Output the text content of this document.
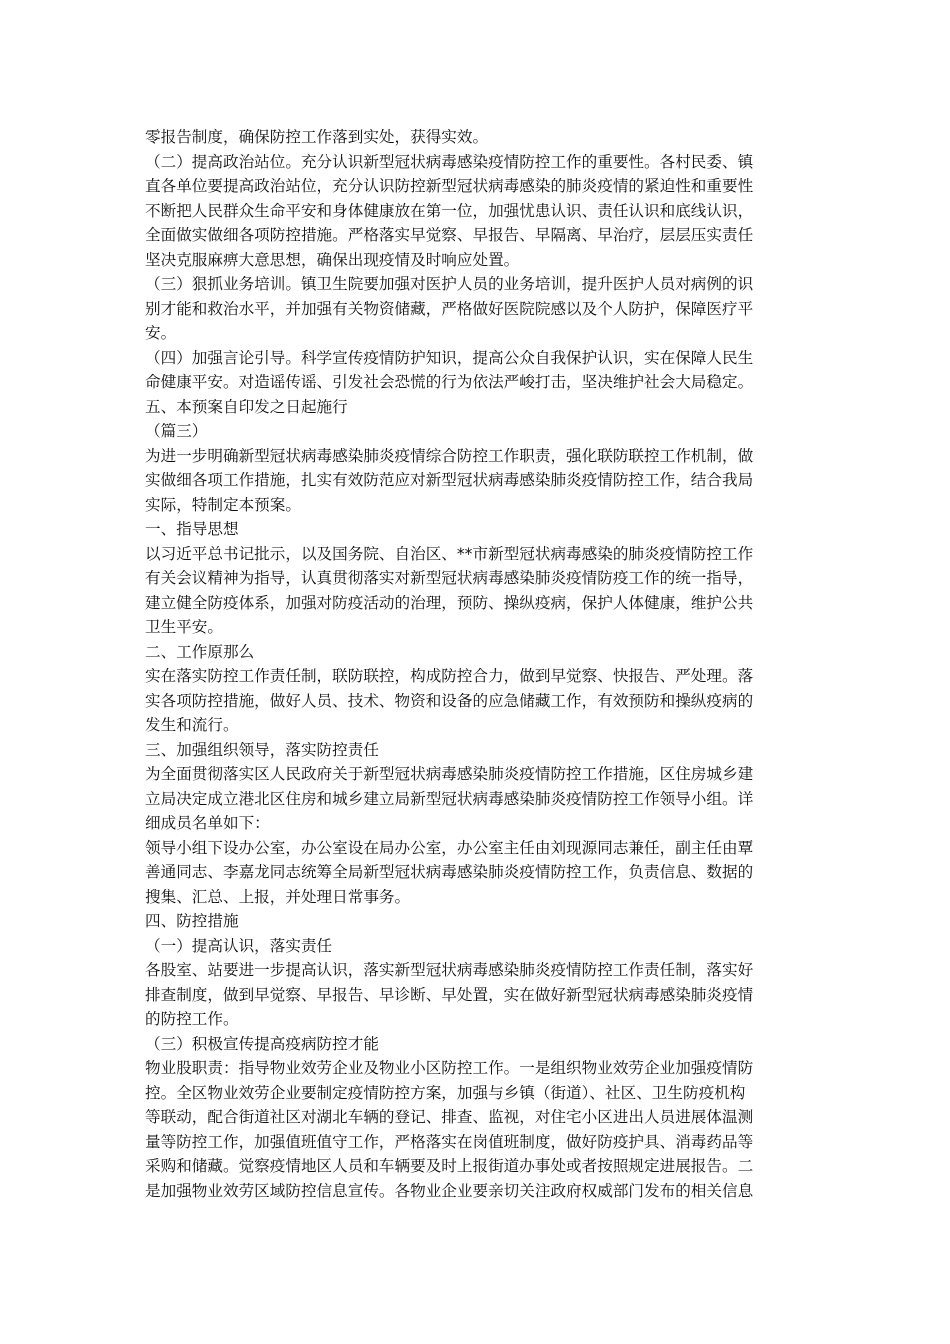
零报告制度，确保防控工作落到实处，获得实效。

（二）提高政治站位。充分认识新型冠状病毒感染疫情防控工作的重要性。各村民委、镇
直各单位要提高政治站位，充分认识防控新型冠状病毒感染的肺炎疫情的紧迫性和重要性
不断把人民群众生命平安和身体健康放在第一位，加强忧患认识、责任认识和底线认识，
全面做实做细各项防控措施。严格落实早觉察、早报告、早隔离、早治疗，层层压实责任
坚决克服麻痹大意思想，确保出现疫情及时响应处置。

（三）狠抓业务培训。镇卫生院要加强对医护人员的业务培训，提升医护人员对病例的识
别才能和救治水平，并加强有关物资储藏，严格做好医院院感以及个人防护，保障医疗平
安。

（四）加强言论引导。科学宣传疫情防护知识，提高公众自我保护认识，实在保障人民生
命健康平安。对造谣传谣、引发社会恐慌的行为依法严峻打击，坚决维护社会大局稳定。

五、本预案自印发之日起施行

（篇三）

为进一步明确新型冠状病毒感染肺炎疫情综合防控工作职责，强化联防联控工作机制，做
实做细各项工作措施，扎实有效防范应对新型冠状病毒感染肺炎疫情防控工作，结合我局
实际，特制定本预案。

一、指导思想

以习近平总书记批示，以及国务院、自治区、**市新型冠状病毒感染的肺炎疫情防控工作
有关会议精神为指导，认真贯彻落实对新型冠状病毒感染肺炎疫情防疫工作的统一指导，
建立健全防疫体系，加强对防疫活动的治理，预防、操纵疫病，保护人体健康，维护公共
卫生平安。

二、工作原那么

实在落实防控工作责任制，联防联控，构成防控合力，做到早觉察、快报告、严处理。落
实各项防控措施，做好人员、技术、物资和设备的应急储藏工作，有效预防和操纵疫病的
发生和流行。

三、加强组织领导，落实防控责任

为全面贯彻落实区人民政府关于新型冠状病毒感染肺炎疫情防控工作措施，区住房城乡建
立局决定成立港北区住房和城乡建立局新型冠状病毒感染肺炎疫情防控工作领导小组。详
细成员名单如下：

领导小组下设办公室，办公室设在局办公室，办公室主任由刘现源同志兼任，副主任由覃
善通同志、李嘉龙同志统筹全局新型冠状病毒感染肺炎疫情防控工作，负责信息、数据的
搜集、汇总、上报，并处理日常事务。

四、防控措施

（一）提高认识，落实责任

各股室、站要进一步提高认识，落实新型冠状病毒感染肺炎疫情防控工作责任制，落实好
排查制度，做到早觉察、早报告、早诊断、早处置，实在做好新型冠状病毒感染肺炎疫情
的防控工作。

（三）积极宣传提高疫病防控才能

物业股职责：指导物业效劳企业及物业小区防控工作。一是组织物业效劳企业加强疫情防
控。全区物业效劳企业要制定疫情防控方案，加强与乡镇（街道）、社区、卫生防疫机构
等联动，配合街道社区对湖北车辆的登记、排查、监视，对住宅小区进出人员进展体温测
量等防控工作，加强值班值守工作，严格落实在岗值班制度，做好防疫护具、消毒药品等
采购和储藏。觉察疫情地区人员和车辆要及时上报街道办事处或者按照规定进展报告。二
是加强物业效劳区域防控信息宣传。各物业企业要亲切关注政府权威部门发布的相关信息
